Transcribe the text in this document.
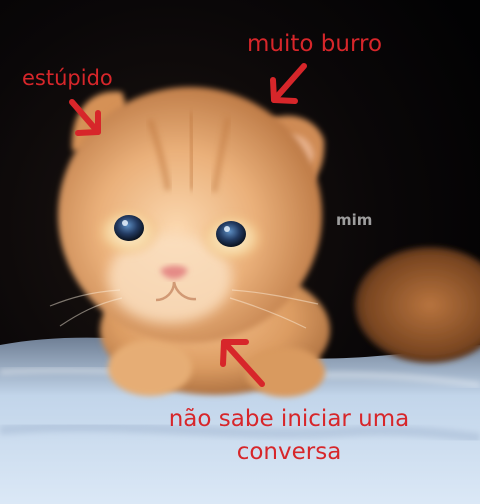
estúpido
muito burro
mim
não sabe iniciar uma
conversa
